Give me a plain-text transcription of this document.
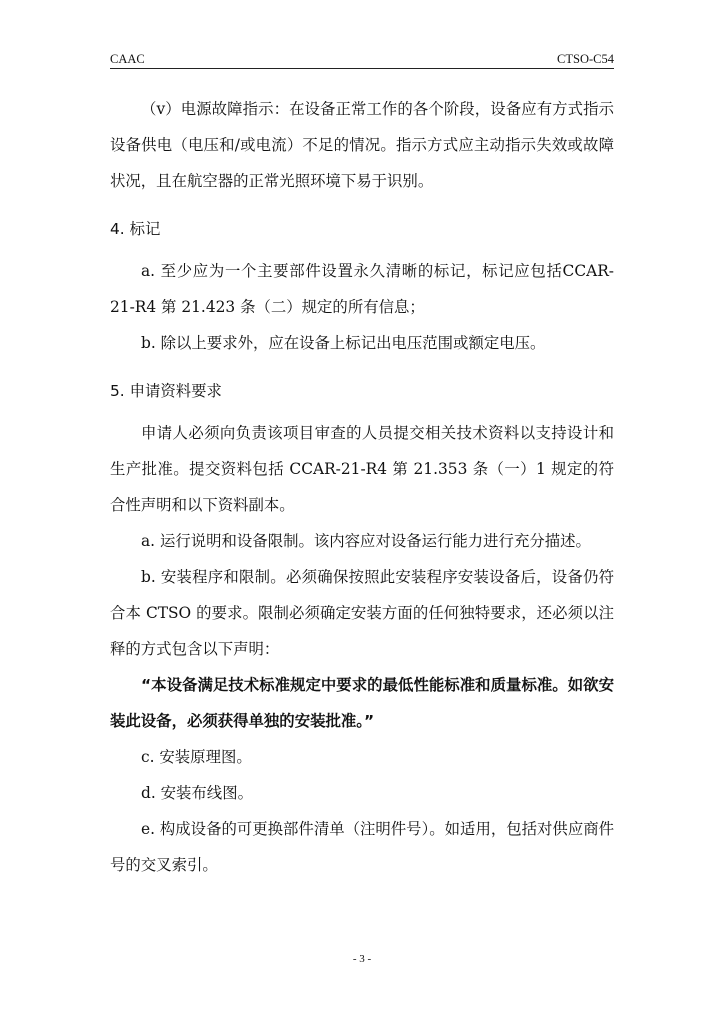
CAAC	CTSO-C54

（v）电源故障指示：在设备正常工作的各个阶段，设备应有方式指示设备供电（电压和/或电流）不足的情况。指示方式应主动指示失效或故障状况，且在航空器的正常光照环境下易于识别。

4. 标记

a. 至少应为一个主要部件设置永久清晰的标记，标记应包括CCAR-21-R4 第 21.423 条（二）规定的所有信息；

b. 除以上要求外，应在设备上标记出电压范围或额定电压。

5. 申请资料要求

申请人必须向负责该项目审查的人员提交相关技术资料以支持设计和生产批准。提交资料包括 CCAR-21-R4 第 21.353 条（一）1 规定的符合性声明和以下资料副本。

a. 运行说明和设备限制。该内容应对设备运行能力进行充分描述。

b. 安装程序和限制。必须确保按照此安装程序安装设备后，设备仍符合本 CTSO 的要求。限制必须确定安装方面的任何独特要求，还必须以注释的方式包含以下声明：

“本设备满足技术标准规定中要求的最低性能标准和质量标准。如欲安装此设备，必须获得单独的安装批准。”

c. 安装原理图。

d. 安装布线图。

e. 构成设备的可更换部件清单（注明件号）。如适用，包括对供应商件号的交叉索引。

- 3 -
